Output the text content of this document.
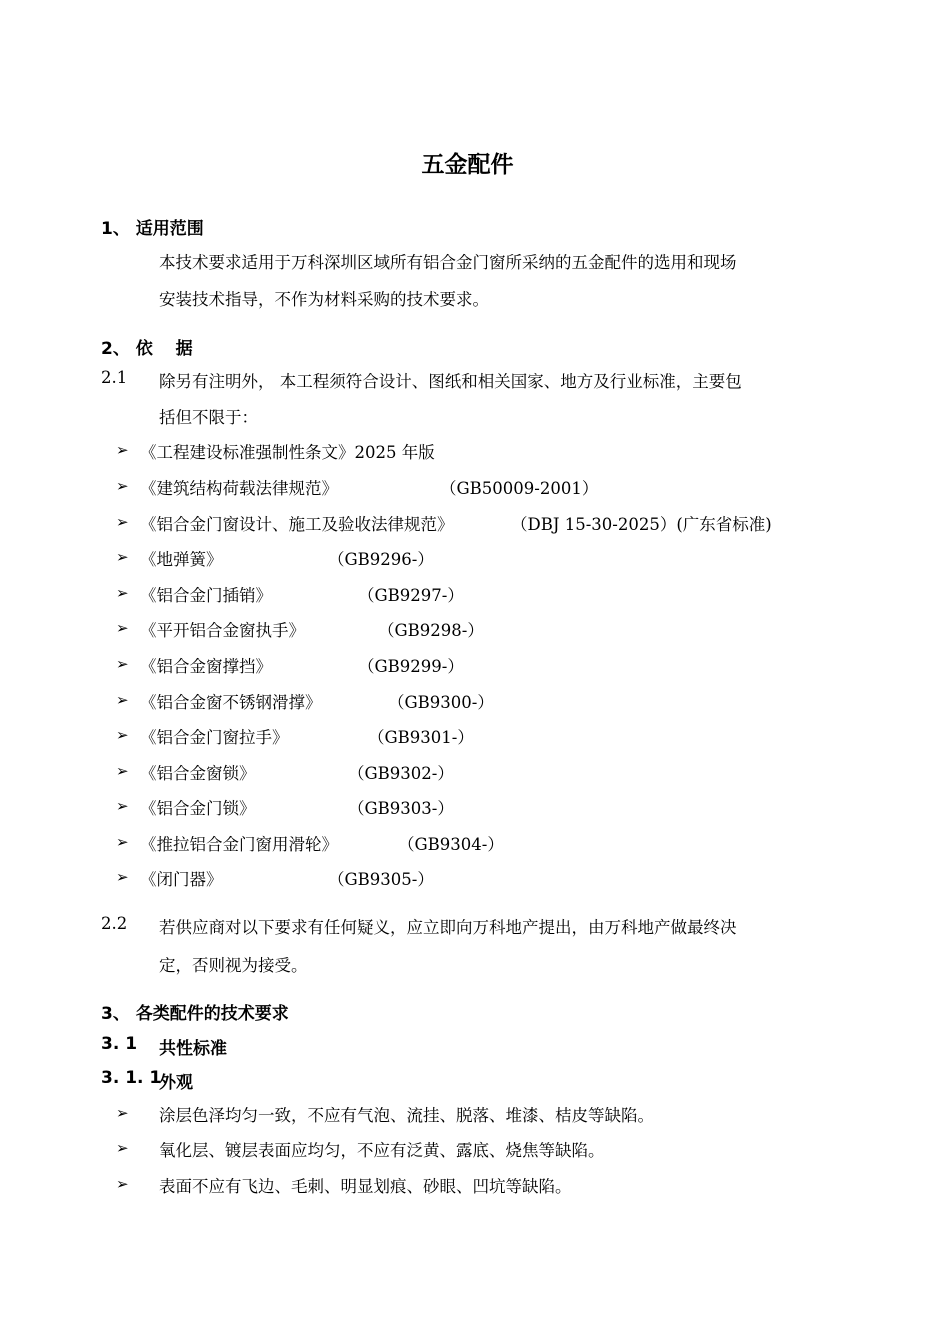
五金配件
1、 适用范围
本技术要求适用于万科深圳区域所有铝合金门窗所采纳的五金配件的选用和现场
安装技术指导，不作为材料采购的技术要求。
2、 依　 据
2.1 除另有注明外， 本工程须符合设计、图纸和相关国家、地方及行业标准，主要包
括但不限于：
➢ 《工程建设标准强制性条文》2025 年版
➢ 《建筑结构荷载法律规范》	（GB50009-2001）
➢ 《铝合金门窗设计、施工及验收法律规范》	（DBJ 15-30-2025）(广东省标准)
➢ 《地弹簧》	（GB9296-）
➢ 《铝合金门插销》	（GB9297-）
➢ 《平开铝合金窗执手》	（GB9298-）
➢ 《铝合金窗撑挡》	（GB9299-）
➢ 《铝合金窗不锈钢滑撑》	（GB9300-）
➢ 《铝合金门窗拉手》	（GB9301-）
➢ 《铝合金窗锁》	（GB9302-）
➢ 《铝合金门锁》	（GB9303-）
➢ 《推拉铝合金门窗用滑轮》	（GB9304-）
➢ 《闭门器》	（GB9305-）
2.2 若供应商对以下要求有任何疑义，应立即向万科地产提出，由万科地产做最终决
定，否则视为接受。
3、 各类配件的技术要求
3. 1 共性标准
3. 1. 1
外观
➢ 涂层色泽均匀一致，不应有气泡、流挂、脱落、堆漆、桔皮等缺陷。
➢ 氧化层、镀层表面应均匀，不应有泛黄、露底、烧焦等缺陷。
➢ 表面不应有飞边、毛刺、明显划痕、砂眼、凹坑等缺陷。
